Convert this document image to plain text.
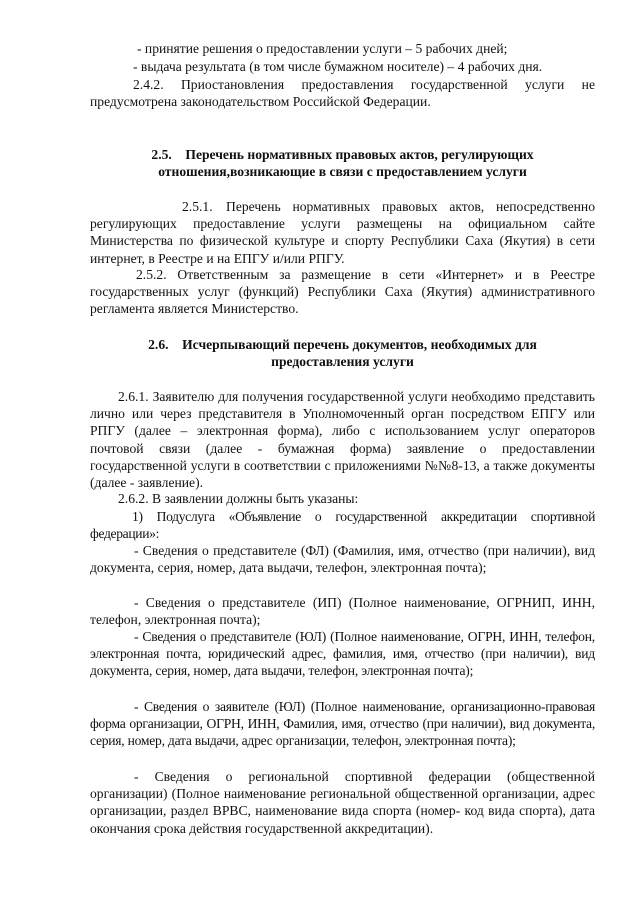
- принятие решения о предоставлении услуги – 5 рабочих дней;

- выдача результата (в том числе бумажном носителе) – 4 рабочих дня.

2.4.2. Приостановления предоставления государственной услуги не предусмотрена законодательством Российской Федерации.

2.5. Перечень нормативных правовых актов, регулирующих
отношения,возникающие в связи с предоставлением услуги

2.5.1. Перечень нормативных правовых актов, непосредственно регулирующих предоставление услуги размещены на официальном сайте Министерства по физической культуре и спорту Республики Саха (Якутия) в сети интернет, в Реестре и на ЕПГУ и/или РПГУ.

2.5.2. Ответственным за размещение в сети «Интернет» и в Реестре государственных услуг (функций) Республики Саха (Якутия) административного регламента является Министерство.

2.6. Исчерпывающий перечень документов, необходимых для
предоставления услуги

2.6.1. Заявителю для получения государственной услуги необходимо представить лично или через представителя в Уполномоченный орган посредством ЕПГУ или РПГУ (далее – электронная форма), либо с использованием услуг операторов почтовой связи (далее - бумажная форма) заявление о предоставлении государственной услуги в соответствии с приложениями №№8-13, а также документы (далее - заявление).

2.6.2. В заявлении должны быть указаны:

1) Подуслуга «Объявление о государственной аккредитации спортивной федерации»:

- Сведения о представителе (ФЛ) (Фамилия, имя, отчество (при наличии), вид документа, серия, номер, дата выдачи, телефон, электронная почта);

- Сведения о представителе (ИП) (Полное наименование, ОГРНИП, ИНН, телефон, электронная почта);

- Сведения о представителе (ЮЛ) (Полное наименование, ОГРН, ИНН, телефон, электронная почта, юридический адрес, фамилия, имя, отчество (при наличии), вид документа, серия, номер, дата выдачи, телефон, электронная почта);

- Сведения о заявителе (ЮЛ) (Полное наименование, организационно-правовая форма организации, ОГРН, ИНН, Фамилия, имя, отчество (при наличии), вид документа, серия, номер, дата выдачи, адрес организации, телефон, электронная почта);

- Сведения о региональной спортивной федерации (общественной организации) (Полное наименование региональной общественной организации, адрес организации, раздел ВРВС, наименование вида спорта (номер- код вида спорта), дата окончания срока действия государственной аккредитации).
